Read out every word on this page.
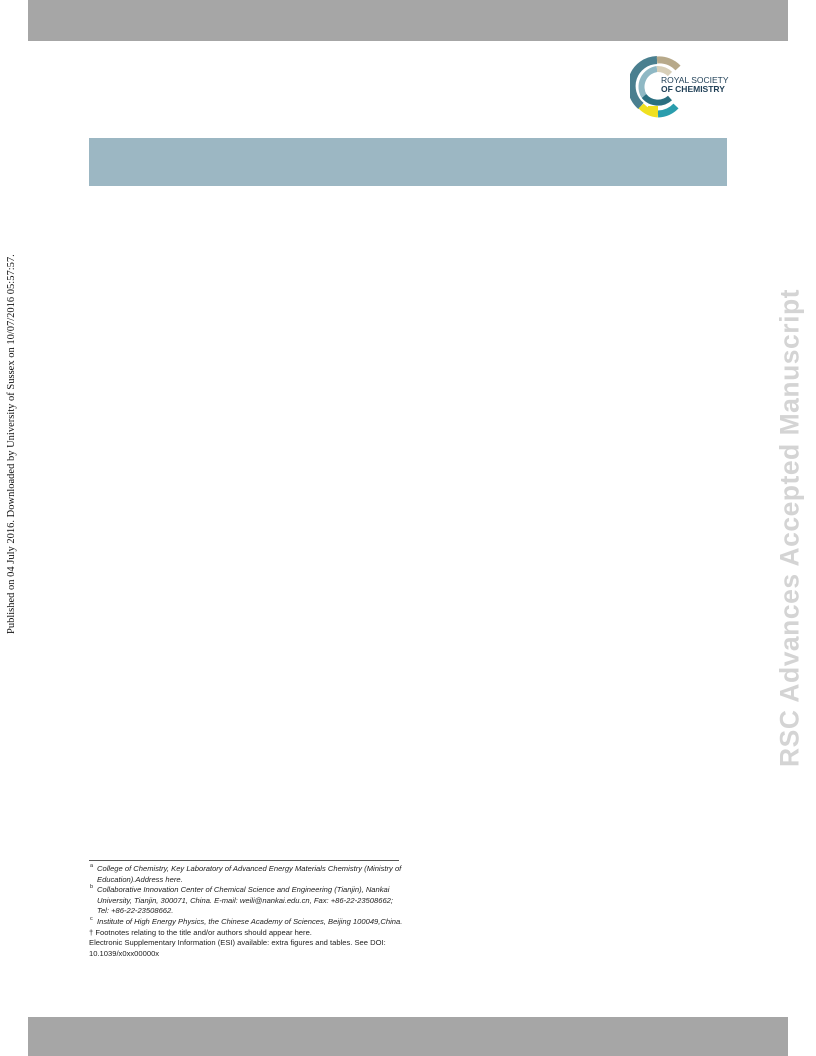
ROYAL SOCIETY
OF CHEMISTRY
Published on 04 July 2016. Downloaded by University of Sussex on 10/07/2016 05:57:57.	RSC Advances Accepted Manuscript
a College of Chemistry, Key Laboratory of Advanced Energy Materials Chemistry (Ministry of Education).Address here.
b Collaborative Innovation Center of Chemical Science and Engineering (Tianjin), Nankai University, Tianjin, 300071, China. E-mail: weili@nankai.edu.cn, Fax: +86-22-23508662; Tel: +86-22-23508662.
c Institute of High Energy Physics, the Chinese Academy of Sciences, Beijing 100049,China.
† Footnotes relating to the title and/or authors should appear here.
Electronic Supplementary Information (ESI) available: extra figures and tables. See DOI: 10.1039/x0xx00000x
